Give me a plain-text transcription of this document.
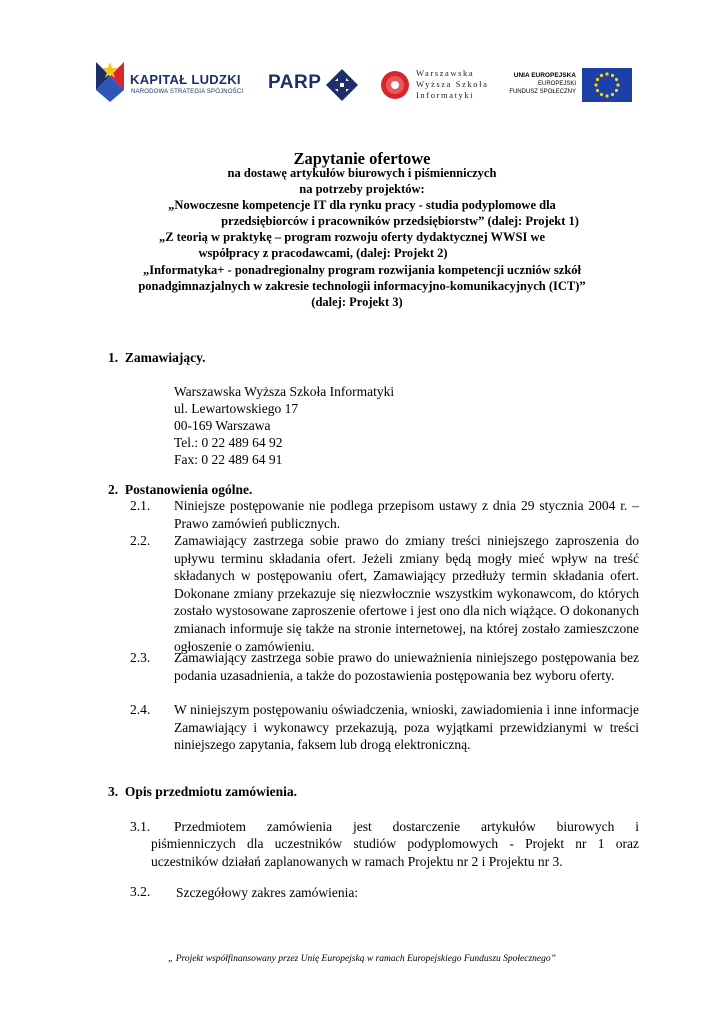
KAPITAŁ LUDZKI
NARODOWA STRATEGIA SPÓJNOŚCI PARP	Warszawska
Wyższa Szkoła
Informatyki
UNIA EUROPEJSKA
EUROPEJSKI
FUNDUSZ SPOŁECZNY
Zapytanie ofertowe
na dostawę artykułów biurowych i piśmienniczych
na potrzeby projektów:
„Nowoczesne kompetencje IT dla rynku pracy - studia podyplomowe dla
przedsiębiorców i pracowników przedsiębiorstw” (dalej: Projekt 1)
„Z teorią w praktykę – program rozwoju oferty dydaktycznej WWSI we
współpracy z pracodawcami, (dalej: Projekt 2)
„Informatyka+ - ponadregionalny program rozwijania kompetencji uczniów szkół
ponadgimnazjalnych w zakresie technologii informacyjno-komunikacyjnych (ICT)”
(dalej: Projekt 3)
1.  Zamawiający.
Warszawska Wyższa Szkoła Informatyki
ul. Lewartowskiego 17
00-169 Warszawa
Tel.: 0 22 489 64 92
Fax: 0 22 489 64 91
2.  Postanowienia ogólne.
2.1. Niniejsze postępowanie nie podlega przepisom ustawy z dnia 29 stycznia 2004 r. – Prawo zamówień publicznych.
2.2. Zamawiający zastrzega sobie prawo do zmiany treści niniejszego zaproszenia do upływu terminu składania ofert. Jeżeli zmiany będą mogły mieć wpływ na treść składanych w postępowaniu ofert, Zamawiający przedłuży termin składania ofert. Dokonane zmiany przekazuje się niezwłocznie wszystkim wykonawcom, do których zostało wystosowane zaproszenie ofertowe i jest ono dla nich wiążące. O dokonanych zmianach informuje się także na stronie internetowej, na której zostało zamieszczone ogłoszenie o zamówieniu.
2.3. Zamawiający zastrzega sobie prawo do unieważnienia niniejszego postępowania bez podania uzasadnienia, a także do pozostawienia postępowania bez wyboru oferty.
2.4. W niniejszym postępowaniu oświadczenia, wnioski, zawiadomienia i inne informacje Zamawiający i wykonawcy przekazują, poza wyjątkami przewidzianymi w treści niniejszego zapytania, faksem lub drogą elektroniczną.
3.  Opis przedmiotu zamówienia.
3.1. Przedmiotem zamówienia jest dostarczenie artykułów biurowych i
piśmienniczych dla uczestników studiów podyplomowych - Projekt nr 1 oraz uczestników działań zaplanowanych w ramach Projektu nr 2 i Projektu nr 3.
3.2. Szczegółowy zakres zamówienia:
„ Projekt współfinansowany przez Unię Europejską w ramach Europejskiego Funduszu Społecznego”
